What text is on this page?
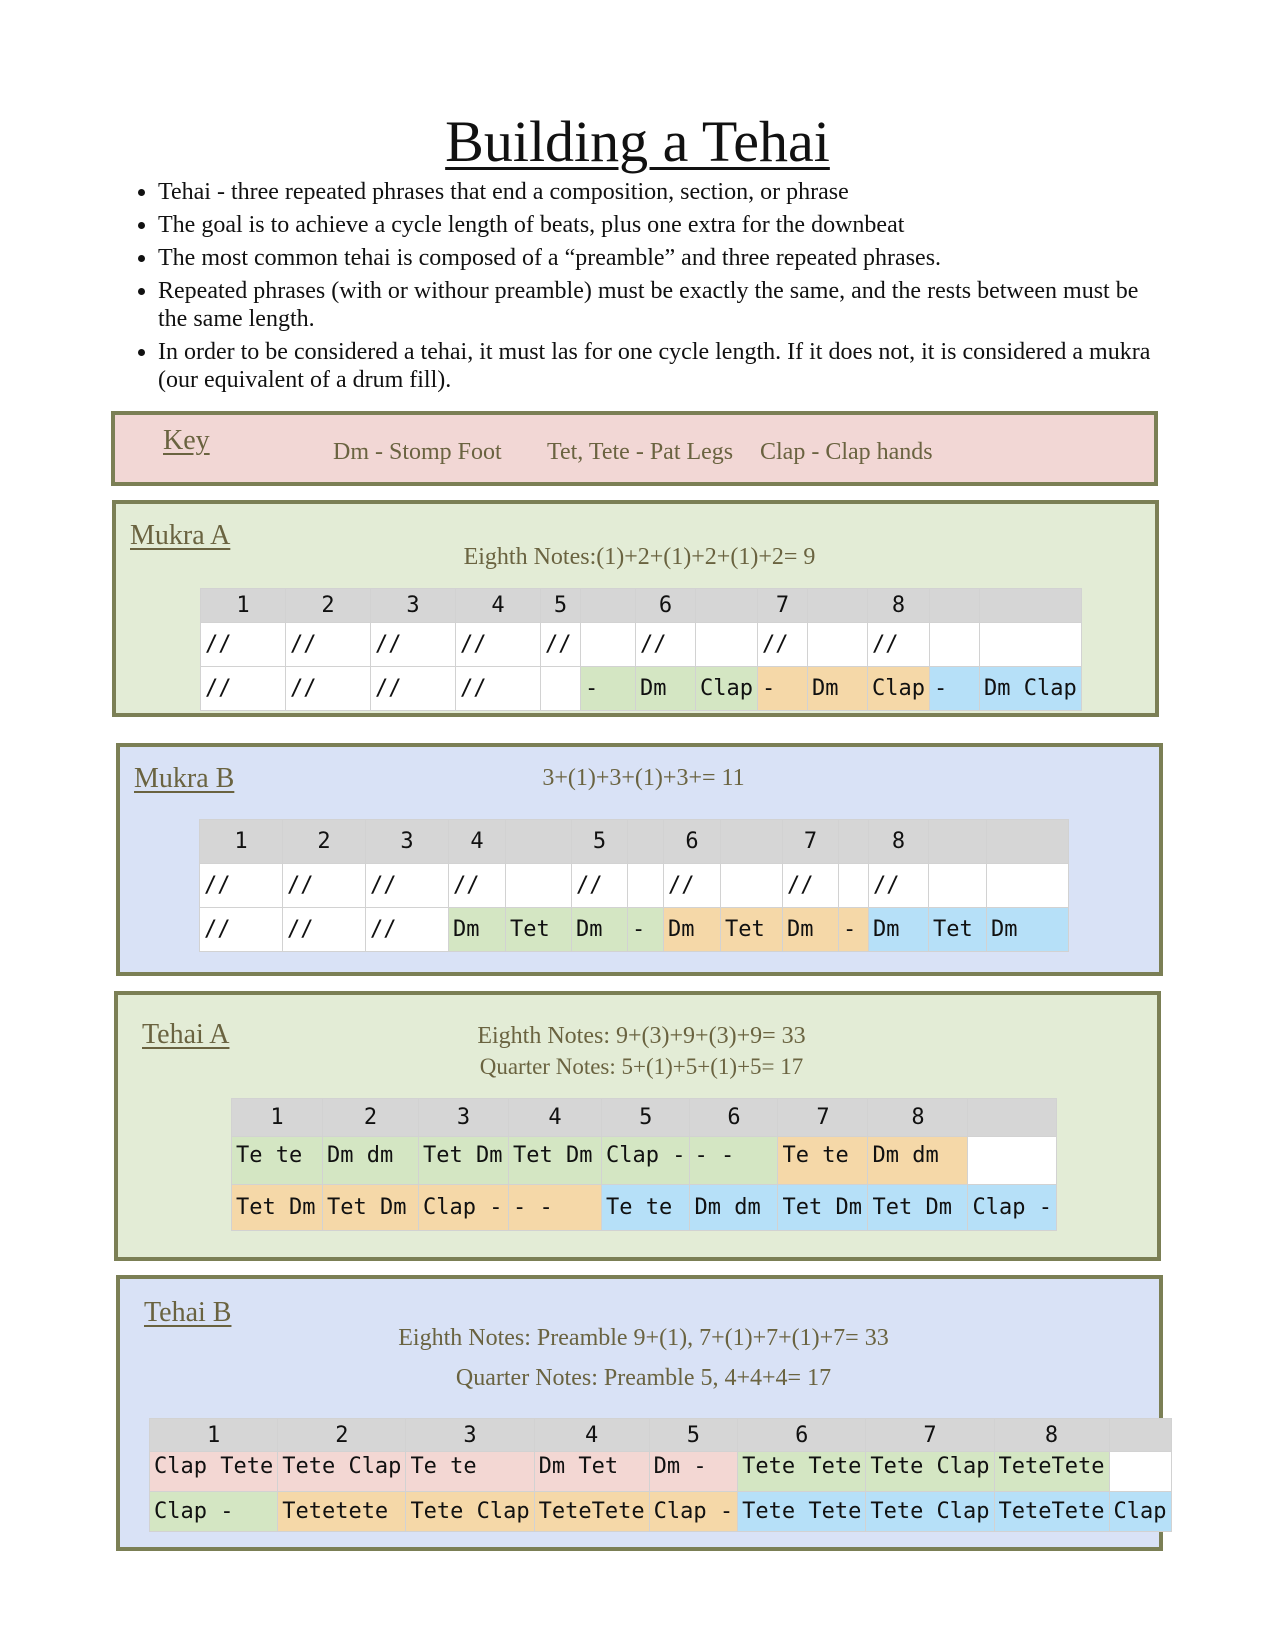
Building a Tehai
• Tehai - three repeated phrases that end a composition, section, or phrase
• The goal is to achieve a cycle length of beats, plus one extra for the downbeat
• The most common tehai is composed of a “preamble” and three repeated phrases.
• Repeated phrases (with or withour preamble) must be exactly the same, and the rests between must be the same length.
• In order to be considered a tehai, it must las for one cycle length. If it does not, it is considered a mukra (our equivalent of a drum fill).
Key	Dm - Stomp Foot Tet, Tete - Pat Legs Clap - Clap hands
Mukra A
Eighth Notes:(1)+2+(1)+2+(1)+2= 9
1	2	3	4	5		6		7		8		
//	//	//	//	//		//		//		//		
//	//	//	//		-	Dm	Clap	-	Dm	Clap	-	Dm Clap
Mukra B	3+(1)+3+(1)+3+= 11
1	2	3	4		5		6		7		8		
//	//	//	//		//		//		//		//		
//	//	//	Dm	Tet	Dm	-	Dm	Tet	Dm	-	Dm	Tet	Dm
Tehai A	Eighth Notes: 9+(3)+9+(3)+9= 33
Quarter Notes: 5+(1)+5+(1)+5= 17
1	2	3	4	5	6	7	8	
Te te	Dm dm	Tet Dm	Tet Dm	Clap -	- -	Te te	Dm dm	
Tet Dm	Tet Dm	Clap -	- -	Te te	Dm dm	Tet Dm	Tet Dm	Clap -
Tehai B
Eighth Notes: Preamble 9+(1), 7+(1)+7+(1)+7= 33
Quarter Notes: Preamble 5, 4+4+4= 17
1	2	3	4	5	6	7	8	
Clap Tete	Tete Clap	Te te	Dm Tet	Dm -	Tete Tete	Tete Clap	TeteTete	
Clap -	Tetetete	Tete Clap	TeteTete	Clap -	Tete Tete	Tete Clap	TeteTete	Clap
